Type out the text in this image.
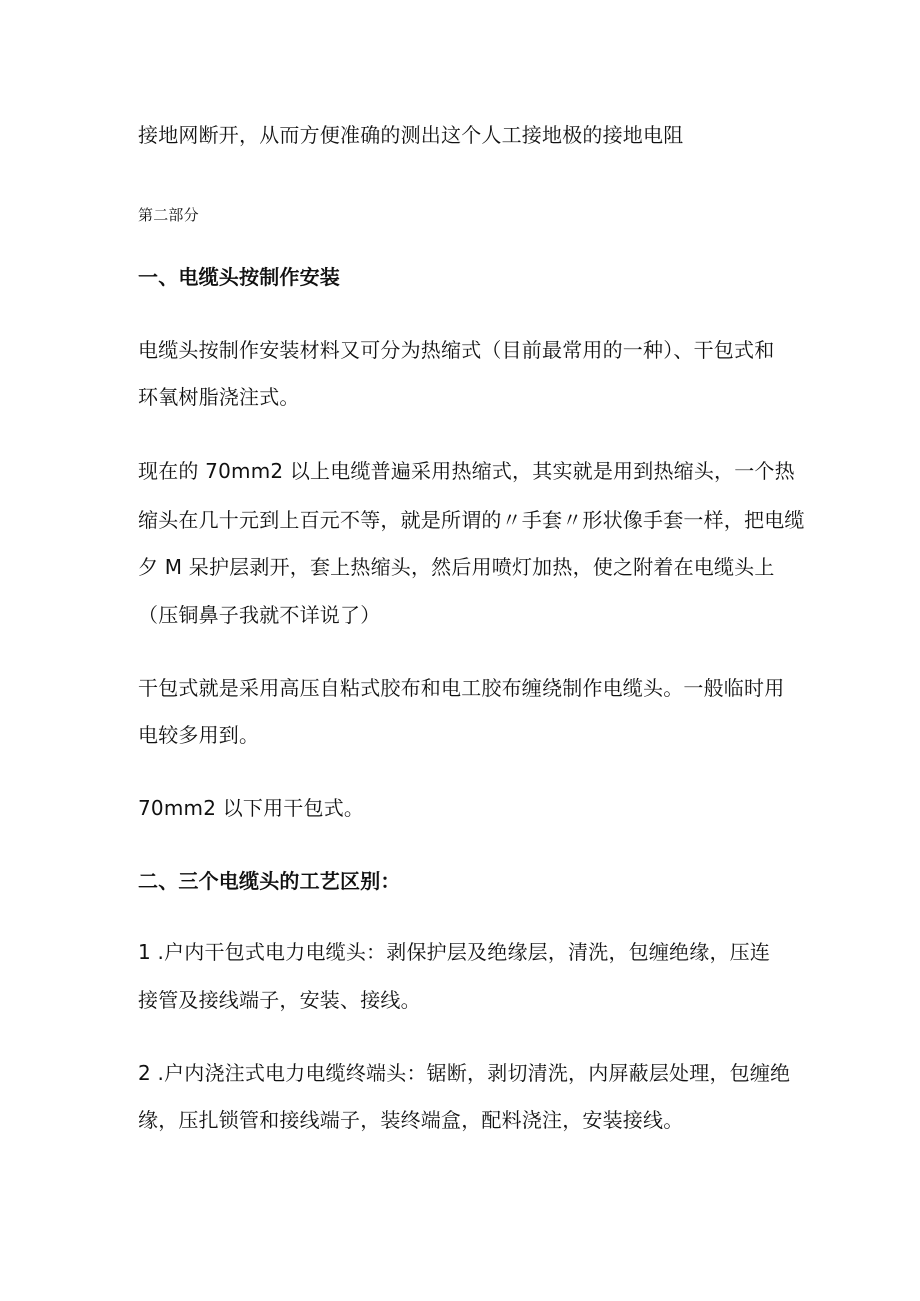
接地网断开，从而方便准确的测出这个人工接地极的接地电阻
第二部分
一、电缆头按制作安装
电缆头按制作安装材料又可分为热缩式（目前最常用的一种）、干包式和
环氧树脂浇注式。
现在的 70mm2 以上电缆普遍采用热缩式，其实就是用到热缩头，一个热
缩头在几十元到上百元不等，就是所谓的〃手套〃形状像手套一样，把电缆
夕 M 呆护层剥开，套上热缩头，然后用喷灯加热，使之附着在电缆头上
（压铜鼻子我就不详说了）
干包式就是采用高压自粘式胶布和电工胶布缠绕制作电缆头。一般临时用
电较多用到。
70mm2 以下用干包式。
二、三个电缆头的工艺区别：
1 .户内干包式电力电缆头：剥保护层及绝缘层，清洗，包缠绝缘，压连
接管及接线端子，安装、接线。
2 .户内浇注式电力电缆终端头：锯断，剥切清洗，内屏蔽层处理，包缠绝
缘，压扎锁管和接线端子，装终端盒，配料浇注，安装接线。
